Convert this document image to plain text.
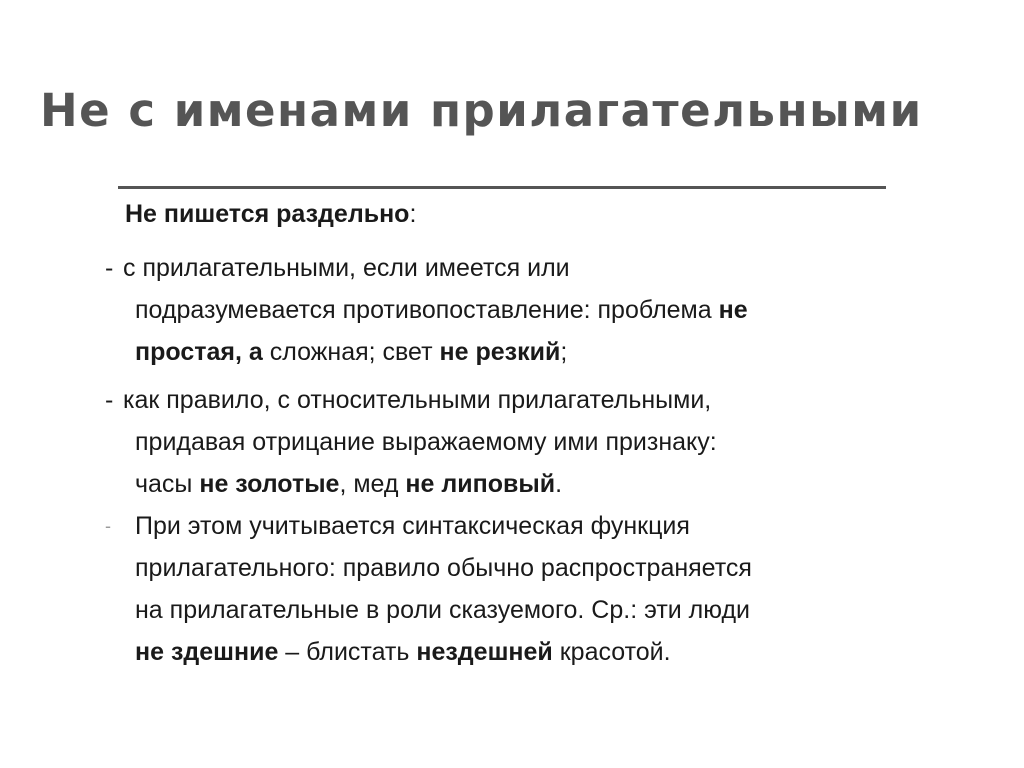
Не с именами прилагательными
Не пишется раздельно:
- с прилагательными, если имеется или
подразумевается противопоставление: проблема не
простая, а сложная; свет не резкий;
- как правило, с относительными прилагательными,
придавая отрицание выражаемому ими признаку:
часы не золотые, мед не липовый.
- При этом учитывается синтаксическая функция
прилагательного: правило обычно распространяется
на прилагательные в роли сказуемого. Ср.: эти люди
не здешние – блистать нездешней красотой.
